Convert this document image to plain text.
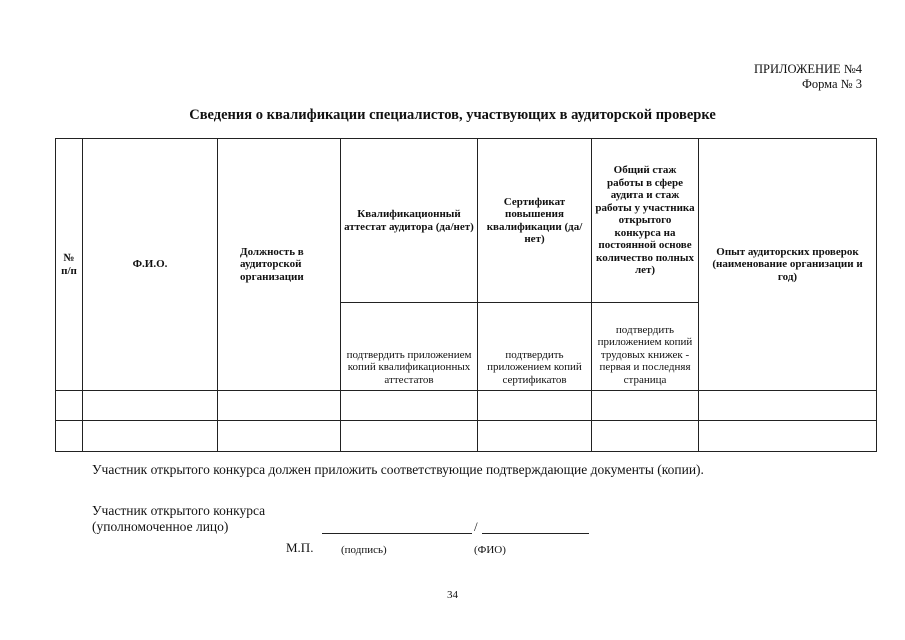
ПРИЛОЖЕНИЕ №4
Форма № 3
Сведения о квалификации специалистов, участвующих в аудиторской проверке
№ п/п	Ф.И.О.	Должность в аудиторской организации	Квалификационный аттестат аудитора (да/нет)	Сертификат повышения квалификации (да/нет)	Общий стаж работы в сфере аудита и стаж работы у участника открытого конкурса на постоянной основе количество полных лет)	Опыт аудиторских проверок (наименование организации и год)
			подтвердить приложением копий квалификационных аттестатов	подтвердить приложением копий сертификатов	подтвердить приложением копий трудовых книжек - первая и последняя страница	

Участник открытого конкурса должен приложить соответствующие подтверждающие документы (копии).
Участник открытого конкурса
(уполномоченное лицо)	/
М.П.	(подпись)	(ФИО)
34
